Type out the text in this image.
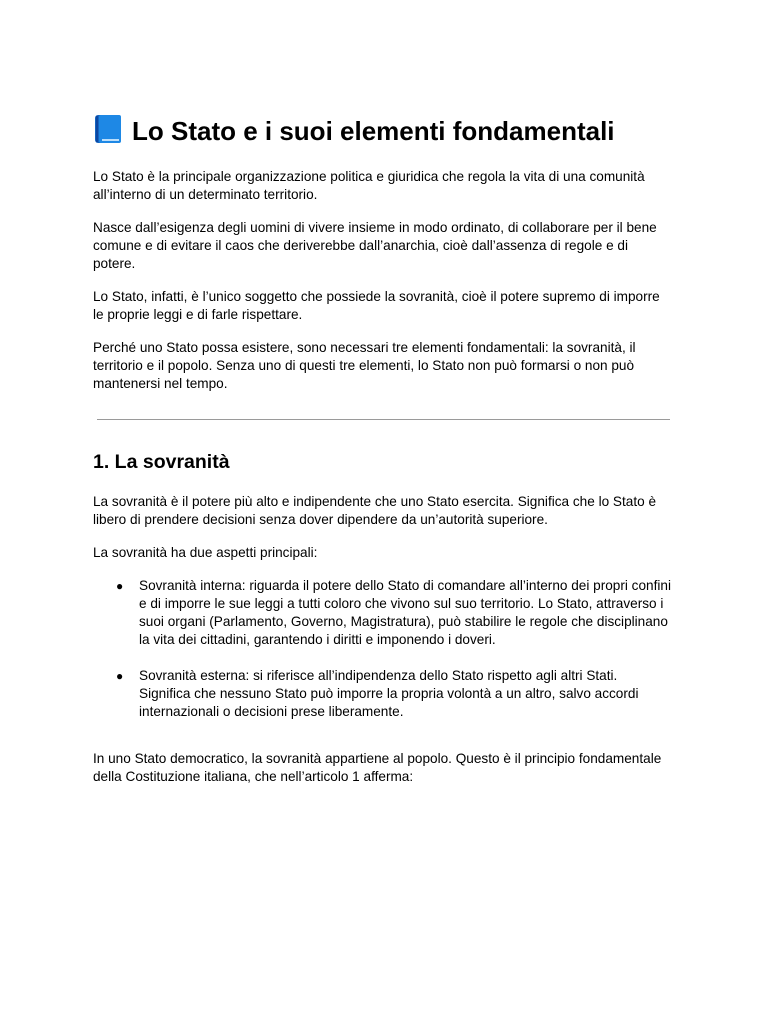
Lo Stato e i suoi elementi fondamentali

Lo Stato è la principale organizzazione politica e giuridica che regola la vita di una comunità all’interno di un determinato territorio.

Nasce dall’esigenza degli uomini di vivere insieme in modo ordinato, di collaborare per il bene comune e di evitare il caos che deriverebbe dall’anarchia, cioè dall’assenza di regole e di potere.

Lo Stato, infatti, è l’unico soggetto che possiede la sovranità, cioè il potere supremo di imporre le proprie leggi e di farle rispettare.

Perché uno Stato possa esistere, sono necessari tre elementi fondamentali: la sovranità, il territorio e il popolo. Senza uno di questi tre elementi, lo Stato non può formarsi o non può mantenersi nel tempo.

1. La sovranità

La sovranità è il potere più alto e indipendente che uno Stato esercita. Significa che lo Stato è libero di prendere decisioni senza dover dipendere da un’autorità superiore.

La sovranità ha due aspetti principali:

● Sovranità interna: riguarda il potere dello Stato di comandare all’interno dei propri confini e di imporre le sue leggi a tutti coloro che vivono sul suo territorio. Lo Stato, attraverso i suoi organi (Parlamento, Governo, Magistratura), può stabilire le regole che disciplinano la vita dei cittadini, garantendo i diritti e imponendo i doveri.
● Sovranità esterna: si riferisce all’indipendenza dello Stato rispetto agli altri Stati. Significa che nessuno Stato può imporre la propria volontà a un altro, salvo accordi internazionali o decisioni prese liberamente.

In uno Stato democratico, la sovranità appartiene al popolo. Questo è il principio fondamentale della Costituzione italiana, che nell’articolo 1 afferma:
